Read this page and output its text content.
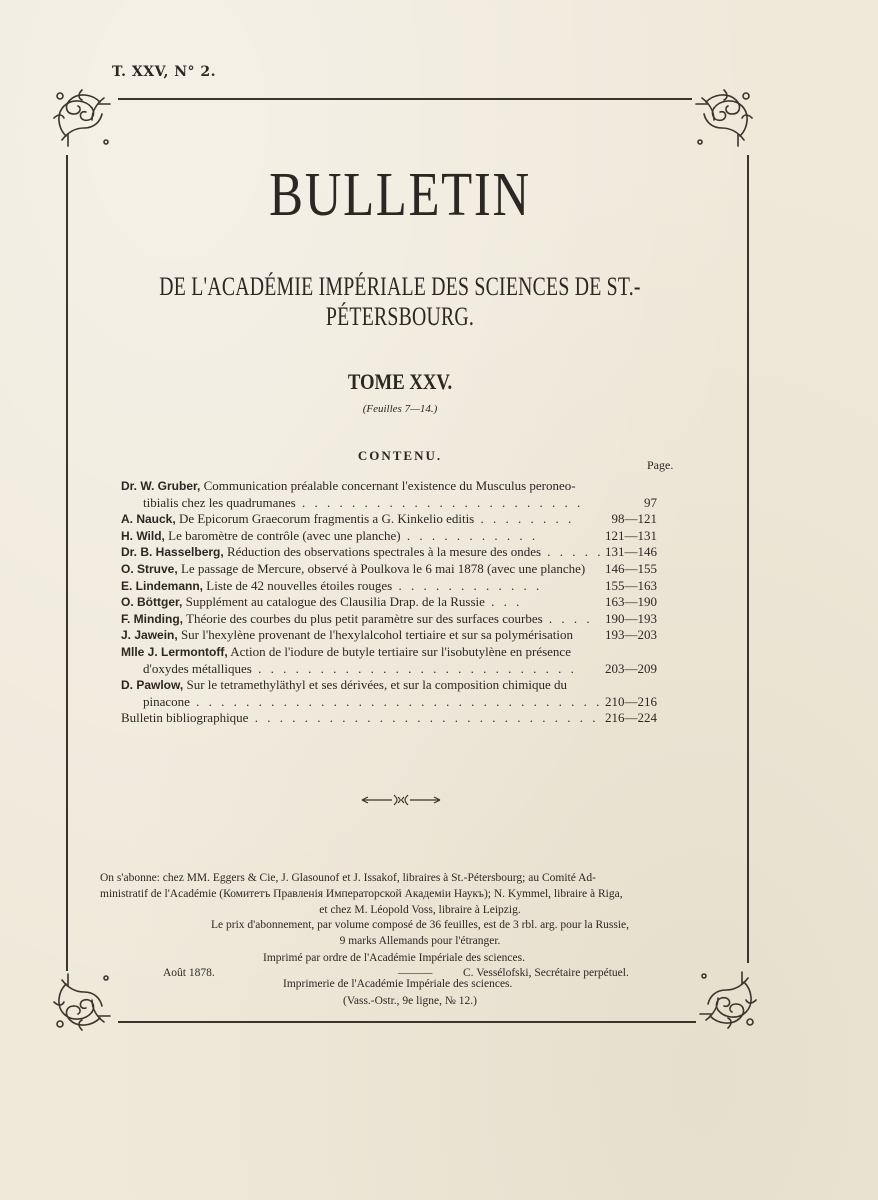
T. XXV, N° 2.
BULLETIN
DE L'ACADÉMIE IMPÉRIALE DES SCIENCES DE ST.-PÉTERSBOURG.
TOME XXV.
(Feuilles 7—14.)
CONTENU.
Page.
Dr. W. Gruber, Communication préalable concernant l'existence du Musculus peroneo-
tibialis chez les quadrumanes . . . . . . . . . . . . . . . . . . . . . . .	97
A. Nauck, De Epicorum Graecorum fragmentis a G. Kinkelio editis . . . . . . . .	98—121
H. Wild, Le baromètre de contrôle (avec une planche) . . . . . . . . . . .	121—131
Dr. B. Hasselberg, Réduction des observations spectrales à la mesure des ondes . . . . . 131—146
O. Struve, Le passage de Mercure, observé à Poulkova le 6 mai 1878 (avec une planche)	146—155
E. Lindemann, Liste de 42 nouvelles étoiles rouges . . . . . . . . . . . .	155—163
O. Böttger, Supplément au catalogue des Clausilia Drap. de la Russie . . .	163—190
F. Minding, Théorie des courbes du plus petit paramètre sur des surfaces courbes . . . . 190—193
J. Jawein, Sur l'hexylène provenant de l'hexylalcohol tertiaire et sur sa polymérisation	193—203
Mlle J. Lermontoff, Action de l'iodure de butyle tertiaire sur l'isobutylène en présence
d'oxydes métalliques . . . . . . . . . . . . . . . . . . . . . . . . . .	203—209
D. Pawlow, Sur le tetramethyläthyl et ses dérivées, et sur la composition chimique du
pinacone . . . . . . . . . . . . . . . . . . . . . . . . . . . . . . . . . 210—216
Bulletin bibliographique . . . . . . . . . . . . . . . . . . . . . . . . . . . . 216—224
On s'abonne: chez MM. Eggers & Cie, J. Glasounof et J. Issakof, libraires à St.-Pétersbourg; au Comité Ad-
ministratif de l'Académie (Комитетъ Правленія Императорской Академіи Наукъ); N. Kymmel, libraire à Riga,
et chez M. Léopold Voss, libraire à Leipzig.
Le prix d'abonnement, par volume composé de 36 feuilles, est de 3 rbl. arg. pour la Russie,
9 marks Allemands pour l'étranger.
Imprimé par ordre de l'Académie Impériale des sciences.
Août 1878.	———	C. Vessélofski, Secrétaire perpétuel.
Imprimerie de l'Académie Impériale des sciences.
(Vass.-Ostr., 9e ligne, № 12.)
